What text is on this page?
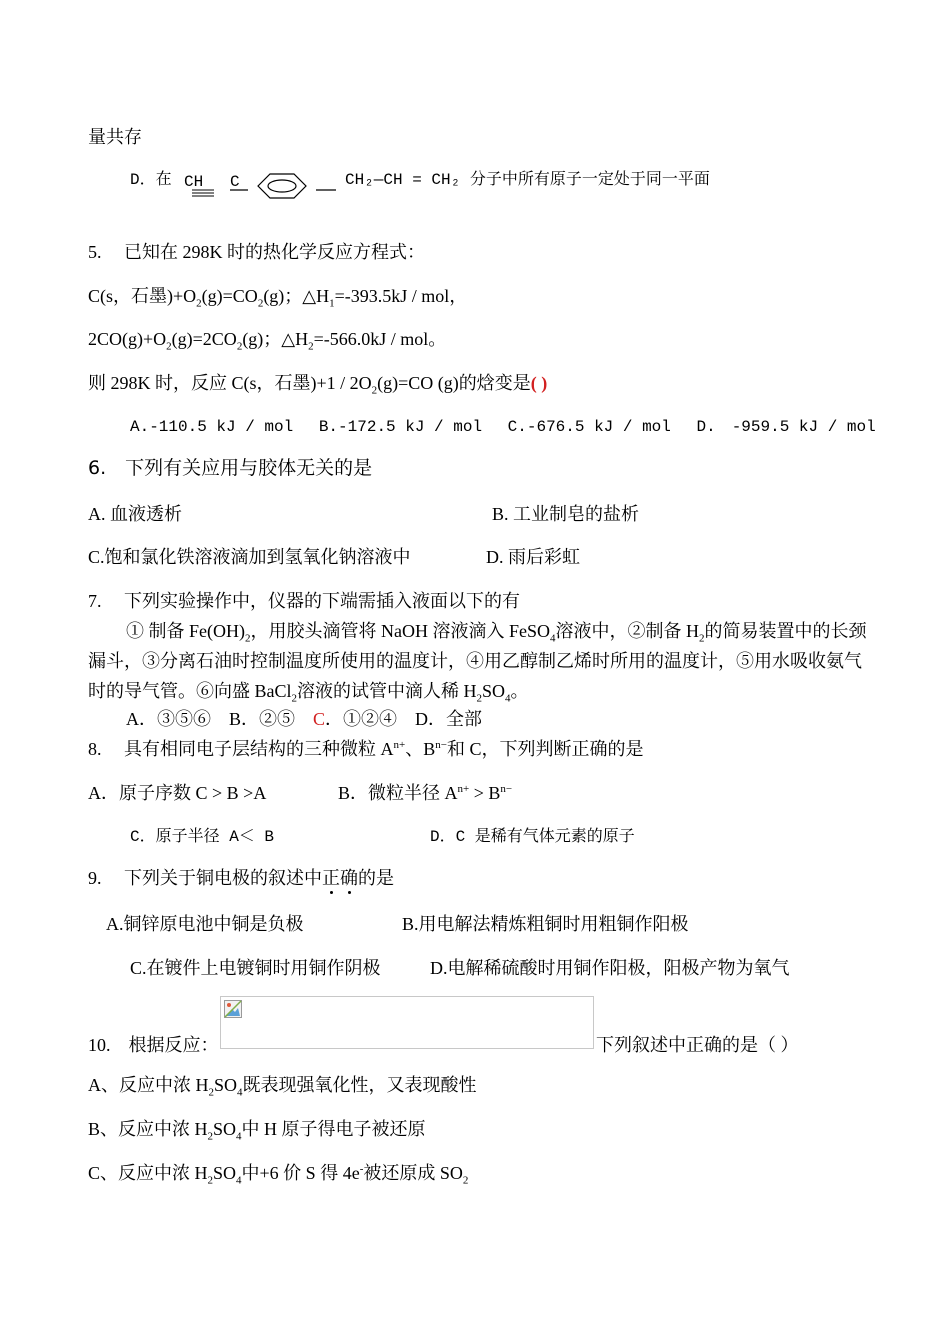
量共存
D．在 CH C	CH₂—CH = CH₂ 分子中所有原子一定处于同一平面
5.　 已知在 298K 时的热化学反应方程式：
C(s，石墨)$+O_2(g)=CO_2(g)$；$\triangle H_1=-393.5kJ$ / mol，
$2CO(g)+O_2(g)=2CO_2(g)$；$\triangle H_2=-566.0kJ$ / mol。
则 298K 时，反应 C(s，石墨)$+1 / 2O_2(g)=CO$ (g)的焓变是( )
A.-110.5 kJ / mol　 B.-172.5 kJ / mol　 C.-676.5 kJ / mol　 D.　-959.5 kJ / mol
6.　下列有关应用与胶体无关的是
A. 血液透析	B. 工业制皂的盐析
C.饱和氯化铁溶液滴加到氢氧化钠溶液中	D. 雨后彩虹
7.　 下列实验操作中，仪器的下端需插入液面以下的有

① 制备 $Fe(OH)_2$，用胶头滴管将 NaOH 溶液滴入 FeSO$_4$溶液中，②制备 $H_2$的简易装置中的长颈漏斗，③分离石油时控制温度所使用的温度计，④用乙醇制乙烯时所用的温度计，⑤用水吸收氨气时的导气管。⑥向盛 BaCl$_2$溶液的试管中滴人稀 $H_2SO_4$。

A．③⑤⑥　B．②⑤　C．①②④　D．全部
8.　 具有相同电子层结构的三种微粒 $A^{n+}$、$B^{n-}$和 C，下列判断正确的是
A．原子序数 C > B >A	B．微粒半径 $A^{n+} > B^{n-}$
C．原子半径 A＜ B	D．C 是稀有气体元素的原子
9.　 下列关于铜电极的叙述中正确的是
A.铜锌原电池中铜是负极	B.用电解法精炼粗铜时用粗铜作阳极
C.在镀件上电镀铜时用铜作阴极	D.电解稀硫酸时用铜作阳极，阳极产物为氧气
10.　根据反应：	下列叙述中正确的是（ ）
A、反应中浓 $H_2SO_4$既表现强氧化性，又表现酸性
B、反应中浓 $H_2SO_4$中 H 原子得电子被还原
C、反应中浓 $H_2SO_4$中+6 价 S 得 4e-被还原成 $SO_2$
